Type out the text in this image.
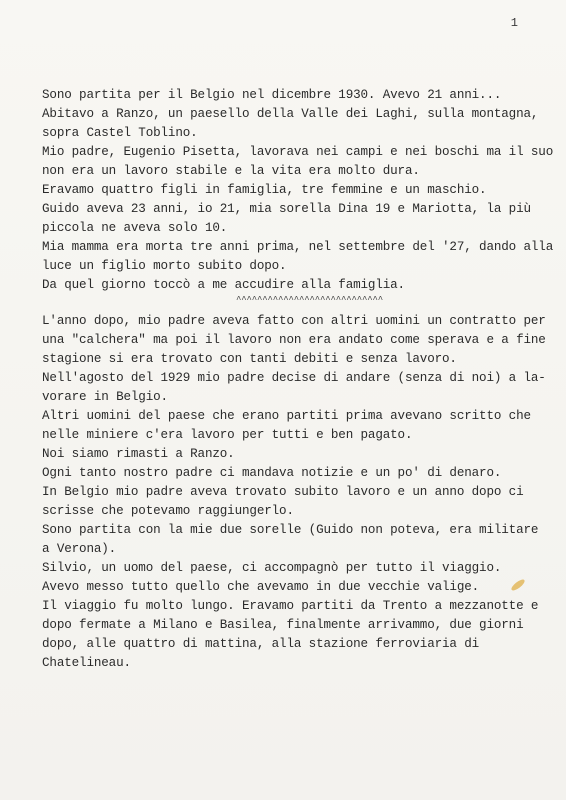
1
Sono partita per il Belgio nel dicembre 1930. Avevo 21 anni...
Abitavo a Ranzo, un paesello della Valle dei Laghi, sulla montagna,
sopra Castel Toblino.
Mio padre, Eugenio Pisetta, lavorava nei campi e nei boschi ma il suo
non era un lavoro stabile e la vita era molto dura.
Eravamo quattro figli in famiglia, tre femmine e un maschio.
Guido aveva 23 anni, io 21, mia sorella Dina 19 e Mariotta, la più
piccola ne aveva solo 10.
Mia mamma era morta tre anni prima, nel settembre del '27, dando alla
luce un figlio morto subito dopo.
Da quel giorno toccò a me accudire alla famiglia.
^^^^^^^^^^^^^^^^^^^^^^^^^^^^
L'anno dopo, mio padre aveva fatto con altri uomini un contratto per
una "calchera" ma poi il lavoro non era andato come sperava e a fine
stagione si era trovato con tanti debiti e senza lavoro.
Nell'agosto del 1929 mio padre decise di andare (senza di noi) a la-
vorare in Belgio.
Altri uomini del paese che erano partiti prima avevano scritto che
nelle miniere c'era lavoro per tutti e ben pagato.
Noi siamo rimasti a Ranzo.
Ogni tanto nostro padre ci mandava notizie e un po' di denaro.
In Belgio mio padre aveva trovato subito lavoro e un anno dopo ci
scrisse che potevamo raggiungerlo.
Sono partita con la mie due sorelle (Guido non poteva, era militare
a Verona).
Silvio, un uomo del paese, ci accompagnò per tutto il viaggio.
Avevo messo tutto quello che avevamo in due vecchie valige.
Il viaggio fu molto lungo. Eravamo partiti da Trento a mezzanotte e
dopo fermate a Milano e Basilea, finalmente arrivammo, due giorni
dopo, alle quattro di mattina, alla stazione ferroviaria di
Chatelineau.
